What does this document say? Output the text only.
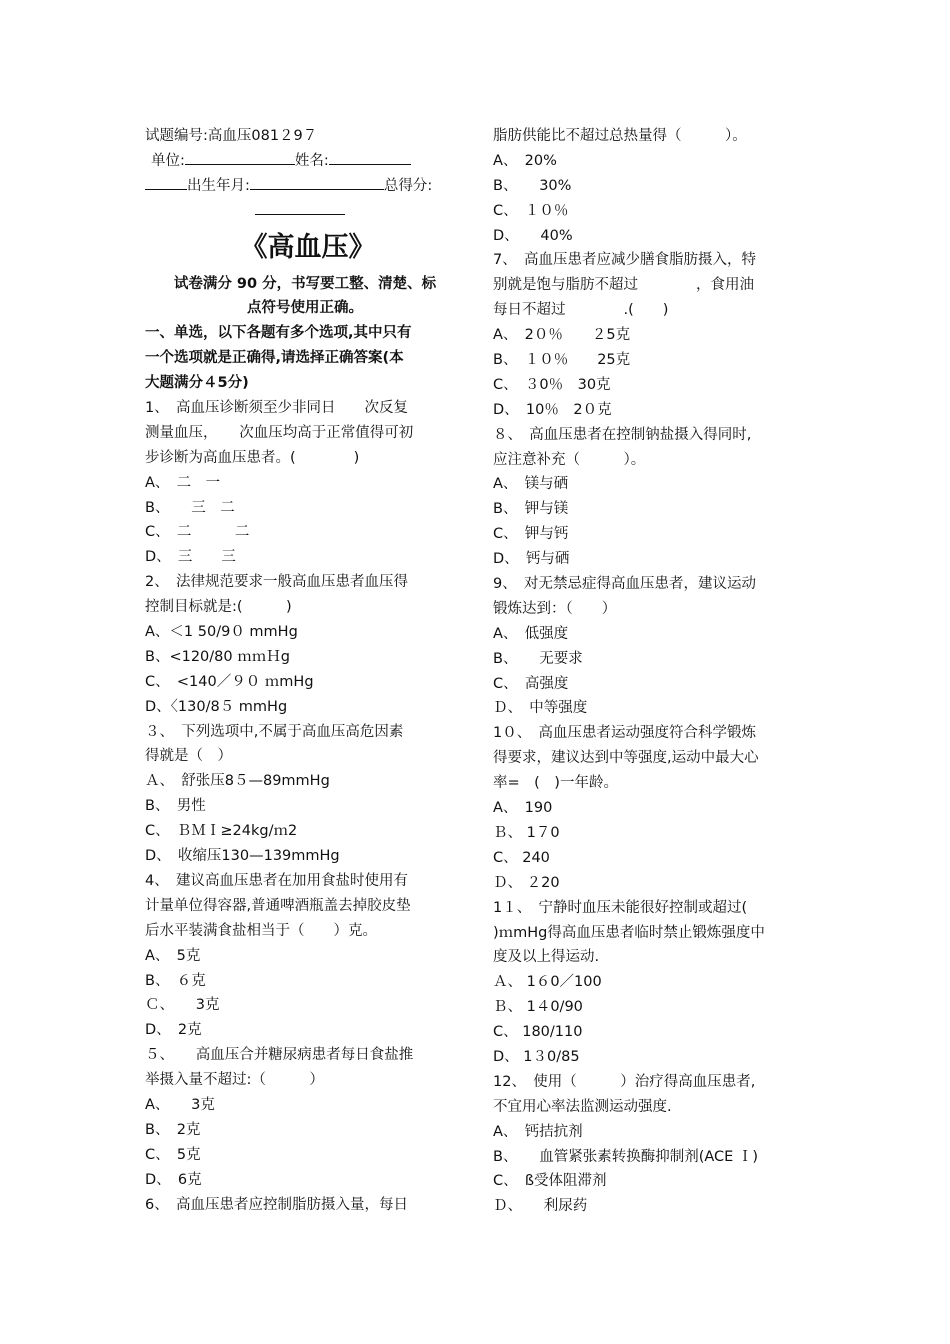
试题编号:高血压081２9７
单位:	姓名:
出生年月:	总得分:
《高血压》
试卷满分 90 分，书写要工整、清楚、标
点符号使用正确。
一、单选，以下各题有多个选项,其中只有
一个选项就是正确得,请选择正确答案(本
大题满分４5分)
1、　高血压诊断须至少非同日　　次反复
测量血压，　　次血压均高于正常值得可初
步诊断为高血压患者。(　　　　)
A、　二　一
B、　　三　二
C、　二　　　二
D、　三　　三
2、　法律规范要求一般高血压患者血压得
控制目标就是:(　　　)
A、＜1 50/9０ mmHg
B、<120/80 ｍｍＨg
C、　<140／９０ ｍmHg
D、〈130/8５ mmHg
３、　下列选项中,不属于高血压高危因素
得就是（　）
Ａ、　舒张压8５—89mmHg
B、　男性
C、　ＢＭＩ≥24kg/ｍ2
D、　收缩压130—139mmHg
4、　建议高血压患者在加用食盐时使用有
计量单位得容器,普通啤酒瓶盖去掉胶皮垫
后水平装满食盐相当于（　　）克。
A、　5克
B、　６克
Ｃ、　　3克
D、　2克
５、　　高血压合并糖尿病患者每日食盐推
举摄入量不超过:（　　　）
A、　　3克
B、　2克
C、　5克
D、　6克
6、　高血压患者应控制脂肪摄入量，每日
脂肪供能比不超过总热量得（　　　）。
A、　20%
B、　　30%
C、　１０％
D、　　40%
7、　高血压患者应减少膳食脂肪摄入，特
别就是饱与脂肪不超过　　　　，食用油
每日不超过　　　　.(　　)
A、　2０％　　２5克
B、　１０％　　25克
C、　３0％　30克
D、　10％　2０克
８、　高血压患者在控制钠盐摄入得同时,
应注意补充（　　　）。
A、　镁与硒
B、　钾与镁
C、　钾与钙
D、　钙与硒
9、　对无禁忌症得高血压患者，建议运动
锻炼达到：（　　）
A、　低强度
B、　　无要求
C、　高强度
Ｄ、　中等强度
1０、　高血压患者运动强度符合科学锻炼
得要求，建议达到中等强度,运动中最大心
率=　(　)一年龄。
A、　190
Ｂ、 1７0
C、 240
Ｄ、 ２20
1１、　宁静时血压未能很好控制或超过(
)ｍmHg得高血压患者临时禁止锻炼强度中
度及以上得运动.
Ａ、 1６0／100
Ｂ、 1４0/90
C、 180/110
D、 1３0/85
12、　使用（　　　）治疗得高血压患者,
不宜用心率法监测运动强度.
A、　钙拮抗剂
B、　　血管紧张素转换酶抑制剂(ACE Ｉ)
C、　ß受体阻滞剂
Ｄ、　　利尿药
